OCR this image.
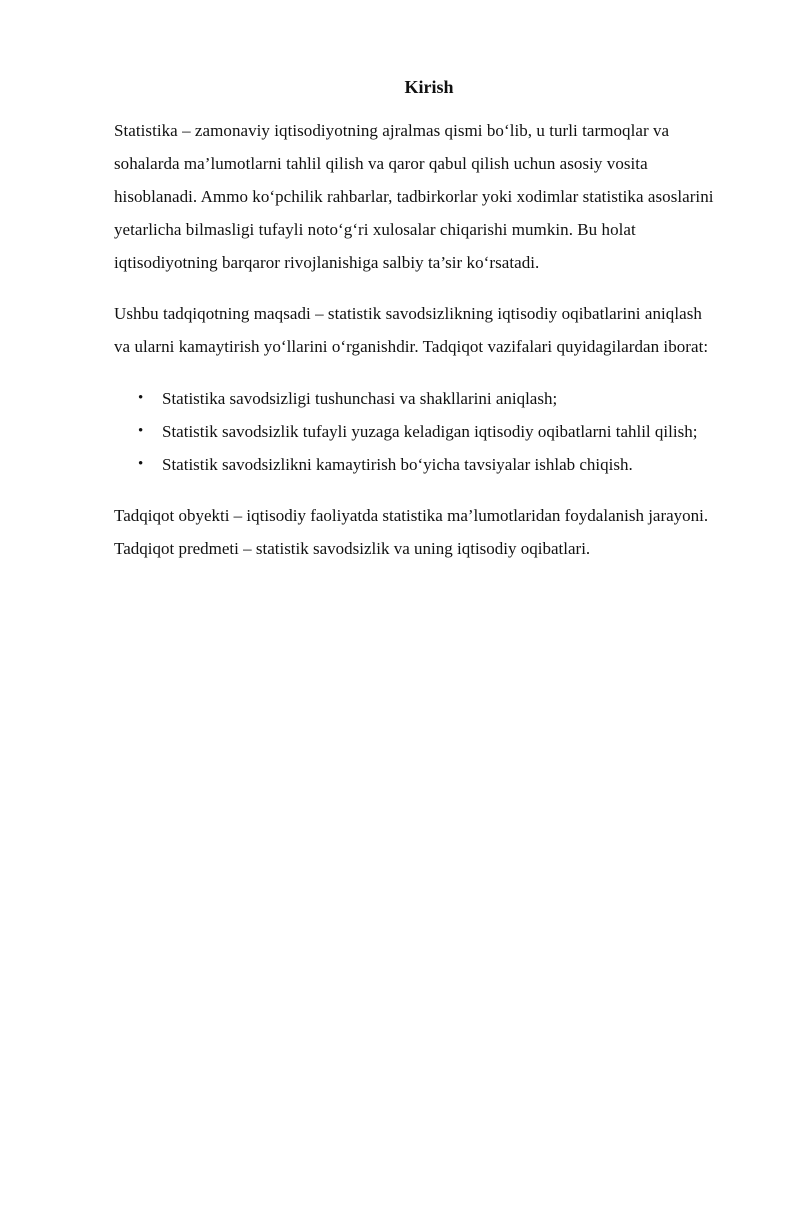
Kirish

Statistika – zamonaviy iqtisodiyotning ajralmas qismi bo‘lib, u turli tarmoqlar va sohalarda ma’lumotlarni tahlil qilish va qaror qabul qilish uchun asosiy vosita hisoblanadi. Ammo ko‘pchilik rahbarlar, tadbirkorlar yoki xodimlar statistika asoslarini yetarlicha bilmasligi tufayli noto‘g‘ri xulosalar chiqarishi mumkin. Bu holat iqtisodiyotning barqaror rivojlanishiga salbiy ta’sir ko‘rsatadi.

Ushbu tadqiqotning maqsadi – statistik savodsizlikning iqtisodiy oqibatlarini aniqlash va ularni kamaytirish yo‘llarini o‘rganishdir. Tadqiqot vazifalari quyidagilardan iborat:

• Statistika savodsizligi tushunchasi va shakllarini aniqlash;
• Statistik savodsizlik tufayli yuzaga keladigan iqtisodiy oqibatlarni tahlil qilish;
• Statistik savodsizlikni kamaytirish bo‘yicha tavsiyalar ishlab chiqish.
Tadqiqot obyekti – iqtisodiy faoliyatda statistika ma’lumotlaridan foydalanish jarayoni.
Tadqiqot predmeti – statistik savodsizlik va uning iqtisodiy oqibatlari.
